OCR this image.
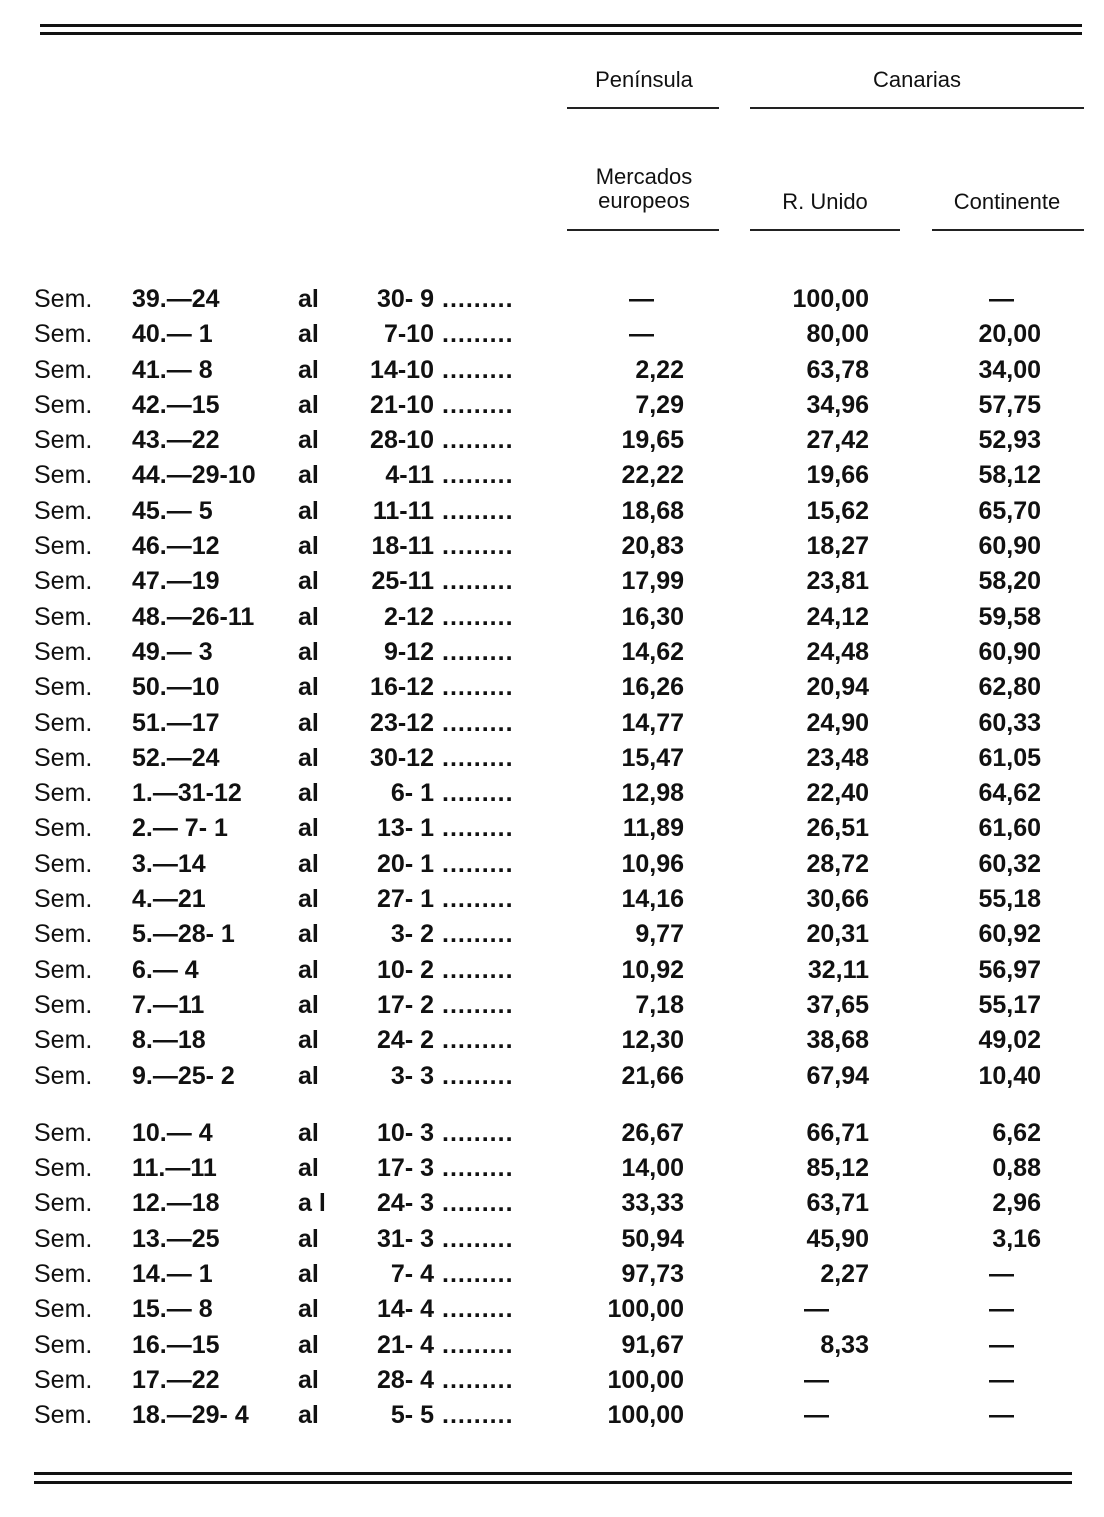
Península	Canarias
Mercados europeos	R. Unido	Continente
Sem.	39.—24	al	30- 9 .........	—	100,00	—
Sem.	40.— 1	al	7-10 .........	—	80,00	20,00
Sem.	41.— 8	al	14-10 .........	2,22	63,78	34,00
Sem.	42.—15	al	21-10 .........	7,29	34,96	57,75
Sem.	43.—22	al	28-10 .........	19,65	27,42	52,93
Sem.	44.—29-10	al	4-11 .........	22,22	19,66	58,12
Sem.	45.— 5	al	11-11 .........	18,68	15,62	65,70
Sem.	46.—12	al	18-11 .........	20,83	18,27	60,90
Sem.	47.—19	al	25-11 .........	17,99	23,81	58,20
Sem.	48.—26-11	al	2-12 .........	16,30	24,12	59,58
Sem.	49.— 3	al	9-12 .........	14,62	24,48	60,90
Sem.	50.—10	al	16-12 .........	16,26	20,94	62,80
Sem.	51.—17	al	23-12 .........	14,77	24,90	60,33
Sem.	52.—24	al	30-12 .........	15,47	23,48	61,05
Sem.	1.—31-12	al	6- 1 .........	12,98	22,40	64,62
Sem.	2.— 7- 1	al	13- 1 .........	11,89	26,51	61,60
Sem.	3.—14	al	20- 1 .........	10,96	28,72	60,32
Sem.	4.—21	al	27- 1 .........	14,16	30,66	55,18
Sem.	5.—28- 1	al	3- 2 .........	9,77	20,31	60,92
Sem.	6.— 4	al	10- 2 .........	10,92	32,11	56,97
Sem.	7.—11	al	17- 2 .........	7,18	37,65	55,17
Sem.	8.—18	al	24- 2 .........	12,30	38,68	49,02
Sem.	9.—25- 2	al	3- 3 .........	21,66	67,94	10,40
Sem.	10.— 4	al	10- 3 .........	26,67	66,71	6,62
Sem.	11.—11	al	17- 3 .........	14,00	85,12	0,88
Sem.	12.—18	a l	24- 3 .........	33,33	63,71	2,96
Sem.	13.—25	al	31- 3 .........	50,94	45,90	3,16
Sem.	14.— 1	al	7- 4 .........	97,73	2,27	—
Sem.	15.— 8	al	14- 4 .........	100,00	—	—
Sem.	16.—15	al	21- 4 .........	91,67	8,33	—
Sem.	17.—22	al	28- 4 .........	100,00	—	—
Sem.	18.—29- 4	al	5- 5 .........	100,00	—	—
